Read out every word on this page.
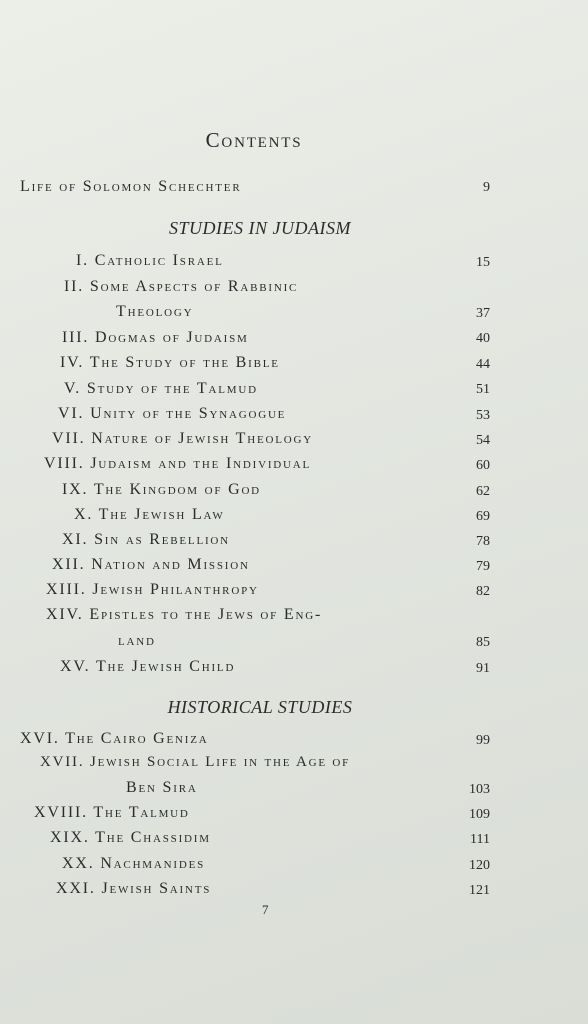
Contents
Life of Solomon Schechter	9
STUDIES IN JUDAISM
I. Catholic Israel	15
II. Some Aspects of Rabbinic
Theology	37
III. Dogmas of Judaism	40
IV. The Study of the Bible	44
V. Study of the Talmud	51
VI. Unity of the Synagogue	53
VII. Nature of Jewish Theology	54
VIII. Judaism and the Individual	60
IX. The Kingdom of God	62
X. The Jewish Law	69
XI. Sin as Rebellion	78
XII. Nation and Mission	79
XIII. Jewish Philanthropy	82
XIV. Epistles to the Jews of Eng-
land	85
XV. The Jewish Child	91
HISTORICAL STUDIES
XVI. The Cairo Geniza	99
XVII. Jewish Social Life in the Age of
Ben Sira	103
XVIII. The Talmud	109
XIX. The Chassidim	111
XX. Nachmanides	120
XXI. Jewish Saints	121
7
